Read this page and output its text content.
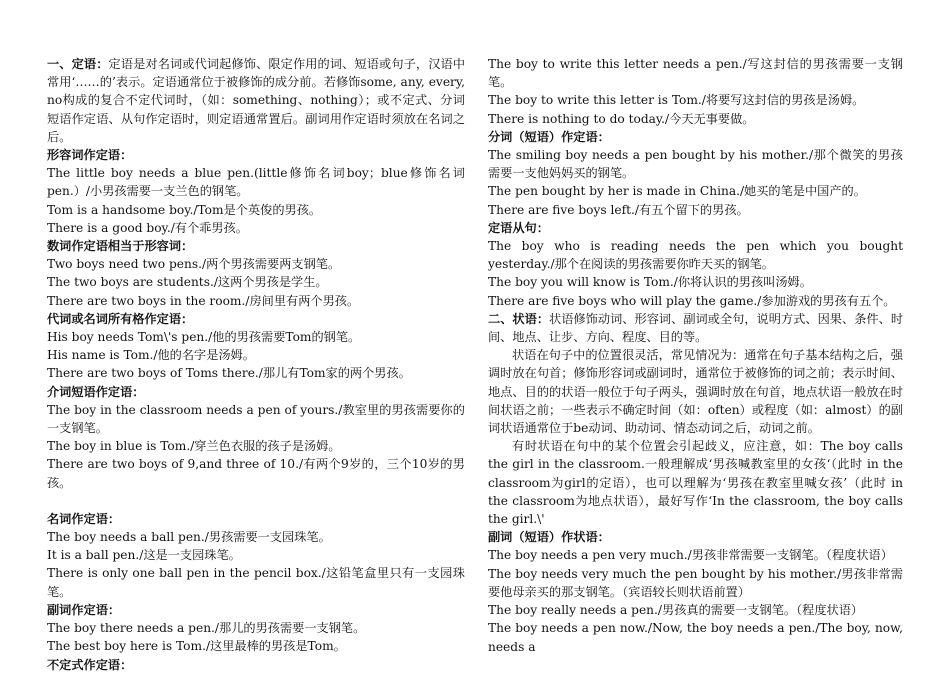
一、定语：定语是对名词或代词起修饰、限定作用的词、短语或句子，汉语中常用‘……的’表示。定语通常位于被修饰的成分前。若修饰some, any, every, no构成的复合不定代词时，（如：something、nothing）；或不定式、分词短语作定语、从句作定语时，则定语通常置后。副词用作定语时须放在名词之后。

形容词作定语：

The little boy needs a blue pen.(little修饰名词boy；blue修饰名词pen.）/小男孩需要一支兰色的钢笔。

Tom is a handsome boy./Tom是个英俊的男孩。

There is a good boy./有个乖男孩。

数词作定语相当于形容词：

Two boys need two pens./两个男孩需要两支钢笔。

The two boys are students./这两个男孩是学生。

There are two boys in the room./房间里有两个男孩。

代词或名词所有格作定语：

His boy needs Tom\'s pen./他的男孩需要Tom的钢笔。

His name is Tom./他的名字是汤姆。

There are two boys of Toms there./那儿有Tom家的两个男孩。

介词短语作定语：

The boy in the classroom needs a pen of yours./教室里的男孩需要你的一支钢笔。

The boy in blue is Tom./穿兰色衣服的孩子是汤姆。

There are two boys of 9,and three of 10./有两个9岁的，三个10岁的男孩。

名词作定语：

The boy needs a ball pen./男孩需要一支园珠笔。

It is a ball pen./这是一支园珠笔。

There is only one ball pen in the pencil box./这铅笔盒里只有一支园珠笔。

副词作定语：

The boy there needs a pen./那儿的男孩需要一支钢笔。

The best boy here is Tom./这里最棒的男孩是Tom。

不定式作定语：

The boy to write this letter needs a pen./写这封信的男孩需要一支钢笔。

The boy to write this letter is Tom./将要写这封信的男孩是汤姆。

There is nothing to do today./今天无事要做。

分词（短语）作定语：

The smiling boy needs a pen bought by his mother./那个微笑的男孩需要一支他妈妈买的钢笔。

The pen bought by her is made in China./她买的笔是中国产的。

There are five boys left./有五个留下的男孩。

定语从句：

The boy who is reading needs the pen which you bought yesterday./那个在阅读的男孩需要你昨天买的钢笔。

The boy you will know is Tom./你将认识的男孩叫汤姆。

There are five boys who will play the game./参加游戏的男孩有五个。

二、状语：状语修饰动词、形容词、副词或全句，说明方式、因果、条件、时间、地点、让步、方向、程度、目的等。

状语在句子中的位置很灵活，常见情况为：通常在句子基本结构之后，强调时放在句首；修饰形容词或副词时，通常位于被修饰的词之前；表示时间、地点、目的的状语一般位于句子两头，强调时放在句首，地点状语一般放在时间状语之前；一些表示不确定时间（如：often）或程度（如：almost）的副词状语通常位于be动词、助动词、情态动词之后，动词之前。

有时状语在句中的某个位置会引起歧义，应注意，如：The boy calls the girl in the classroom.一般理解成‘男孩喊教室里的女孩‘（此时 in the classroom为girl的定语），也可以理解为‘男孩在教室里喊女孩’（此时 in the classroom为地点状语），最好写作‘In the classroom, the boy calls the girl.\'

副词（短语）作状语：

The boy needs a pen very much./男孩非常需要一支钢笔。（程度状语）

The boy needs very much the pen bought by his mother./男孩非常需要他母亲买的那支钢笔。（宾语较长则状语前置）

The boy really needs a pen./男孩真的需要一支钢笔。（程度状语）

The boy needs a pen now./Now, the boy needs a pen./The boy, now, needs a
